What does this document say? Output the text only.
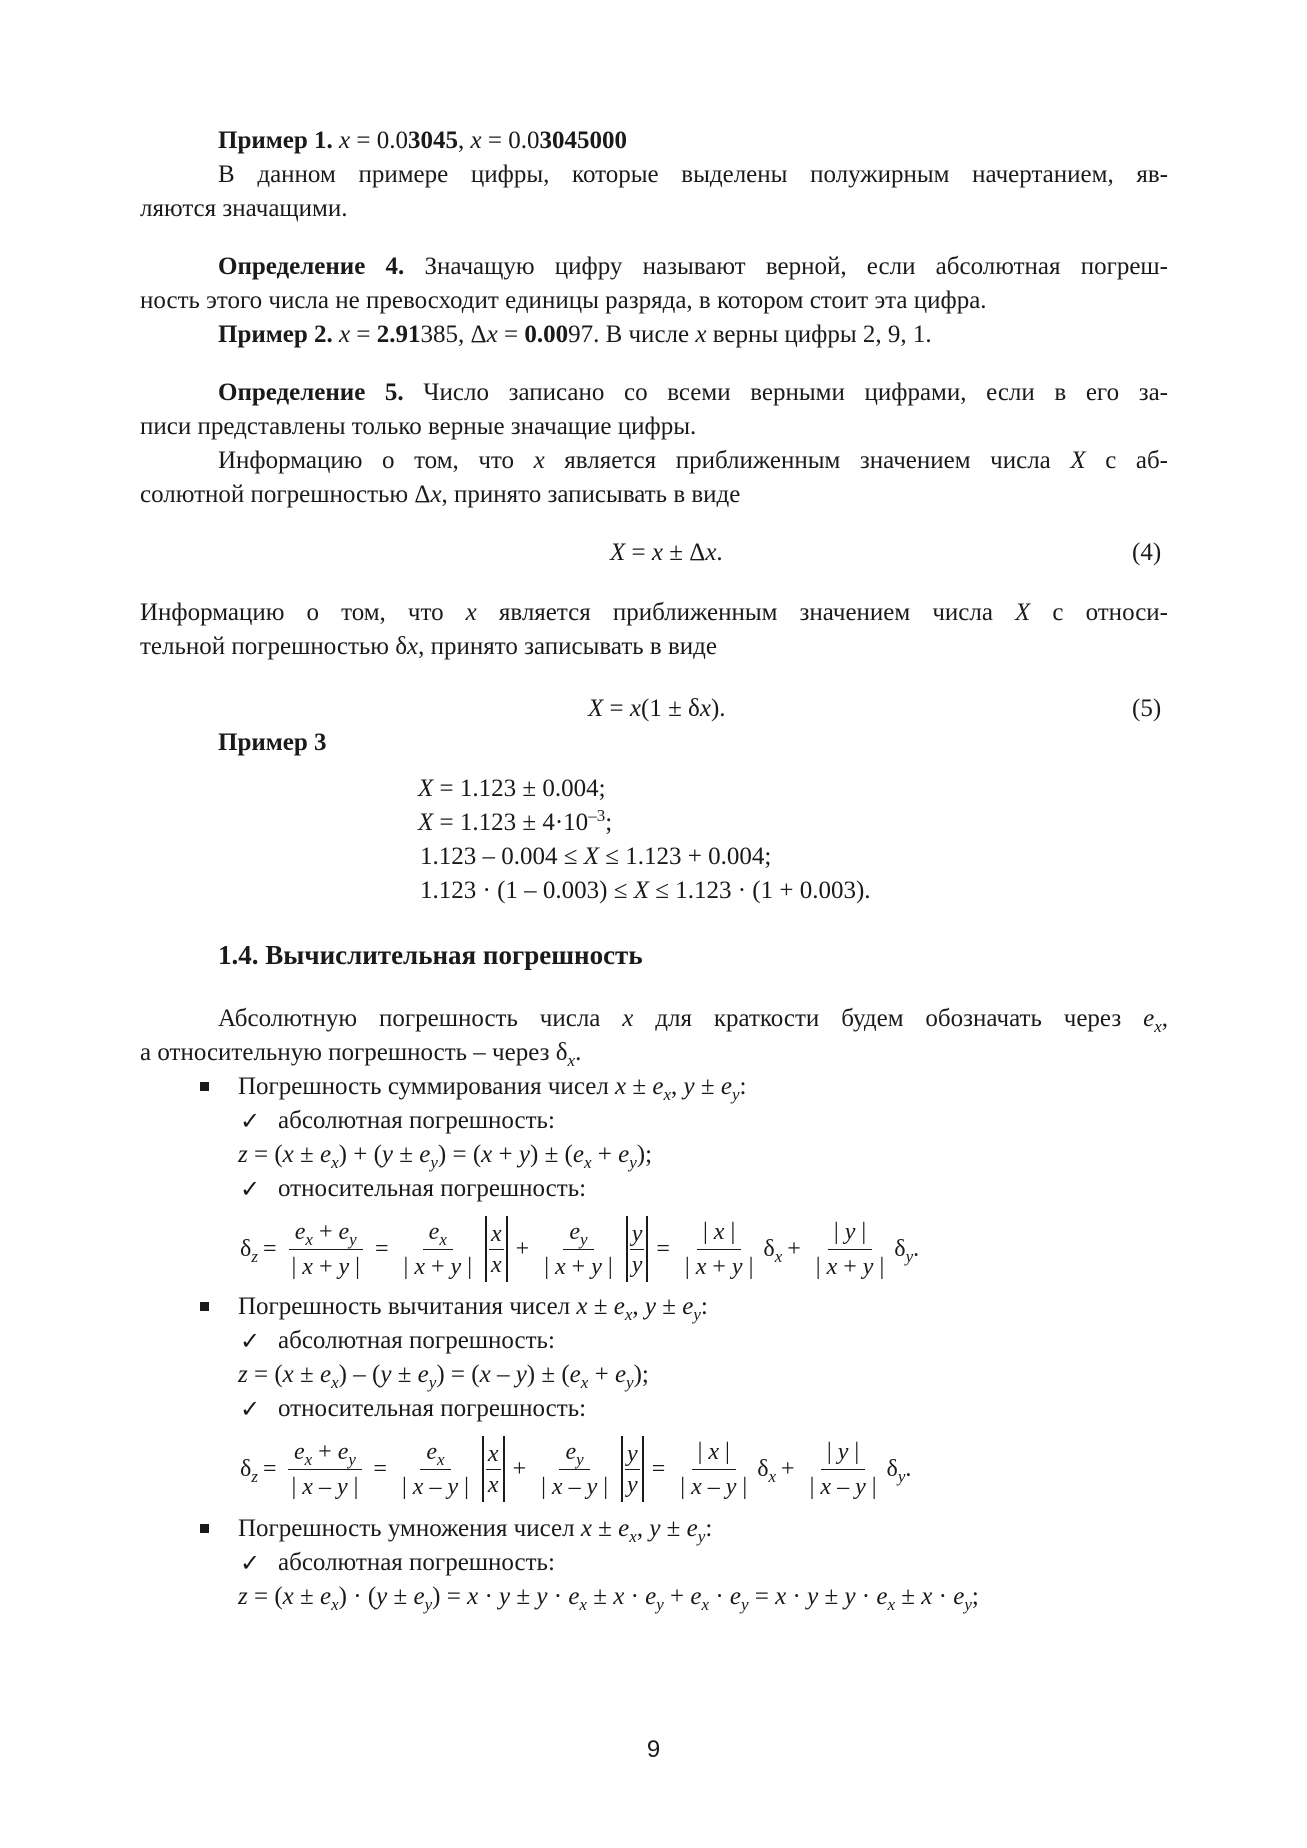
Пример 1. x = 0.03045, x = 0.03045000
В данном примере цифры, которые выделены полужирным начертанием, яв-
ляются значащими.
Определение 4. Значащую цифру называют верной, если абсолютная погреш-
ность этого числа не превосходит единицы разряда, в котором стоит эта цифра.
Пример 2. x = 2.91385, Δx = 0.0097. В числе x верны цифры 2, 9, 1.
Определение 5. Число записано со всеми верными цифрами, если в его за-
писи представлены только верные значащие цифры.
Информацию о том, что x является приближенным значением числа X с аб-
солютной погрешностью Δx, принято записывать в виде
X = x ± Δx.	(4)
Информацию о том, что x является приближенным значением числа X с относи-
тельной погрешностью δx, принято записывать в виде
X = x(1 ± δx).	(5)
Пример 3
X = 1.123 ± 0.004;
$X = 1.123 \pm 4\cdot 10^{-3}$;
1.123 – 0.004 ≤ X ≤ 1.123 + 0.004;
1.123 · (1 – 0.003) ≤ X ≤ 1.123 · (1 + 0.003).
1.4. Вычислительная погрешность
Абсолютную погрешность числа x для краткости будем обозначать через $e_x$,
а относительную погрешность – через $\delta_x$.
Погрешность суммирования чисел $x \pm e_x$, $y \pm e_y$:
✓ абсолютная погрешность:
$z = (x \pm e_x) + (y \pm e_y) = (x + y) \pm (e_x + e_y)$;
✓ относительная погрешность:
$\delta_z = \frac{e_x + e_y}{| x + y |} = \frac{e_x}{| x + y |} \frac{x}{x} + \frac{e_y}{| x + y |} \frac{y}{y} = \frac{| x |}{| x + y |} \delta_x + \frac{| y |}{| x + y |} \delta_y$.
Погрешность вычитания чисел $x \pm e_x$, $y \pm e_y$:
✓ абсолютная погрешность:
$z = (x \pm e_x) - (y \pm e_y) = (x - y) \pm (e_x + e_y)$;
✓ относительная погрешность:
$\delta_z = \frac{e_x + e_y}{| x - y |} = \frac{e_x}{| x - y |} \frac{x}{x} + \frac{e_y}{| x - y |} \frac{y}{y} = \frac{| x |}{| x - y |} \delta_x + \frac{| y |}{| x - y |} \delta_y$.
Погрешность умножения чисел $x \pm e_x$, $y \pm e_y$:
✓ абсолютная погрешность:
$z = (x \pm e_x) \cdot (y \pm e_y) = x \cdot y \pm y \cdot e_x \pm x \cdot e_y + e_x \cdot e_y = x \cdot y \pm y \cdot e_x \pm x \cdot e_y$;
9
